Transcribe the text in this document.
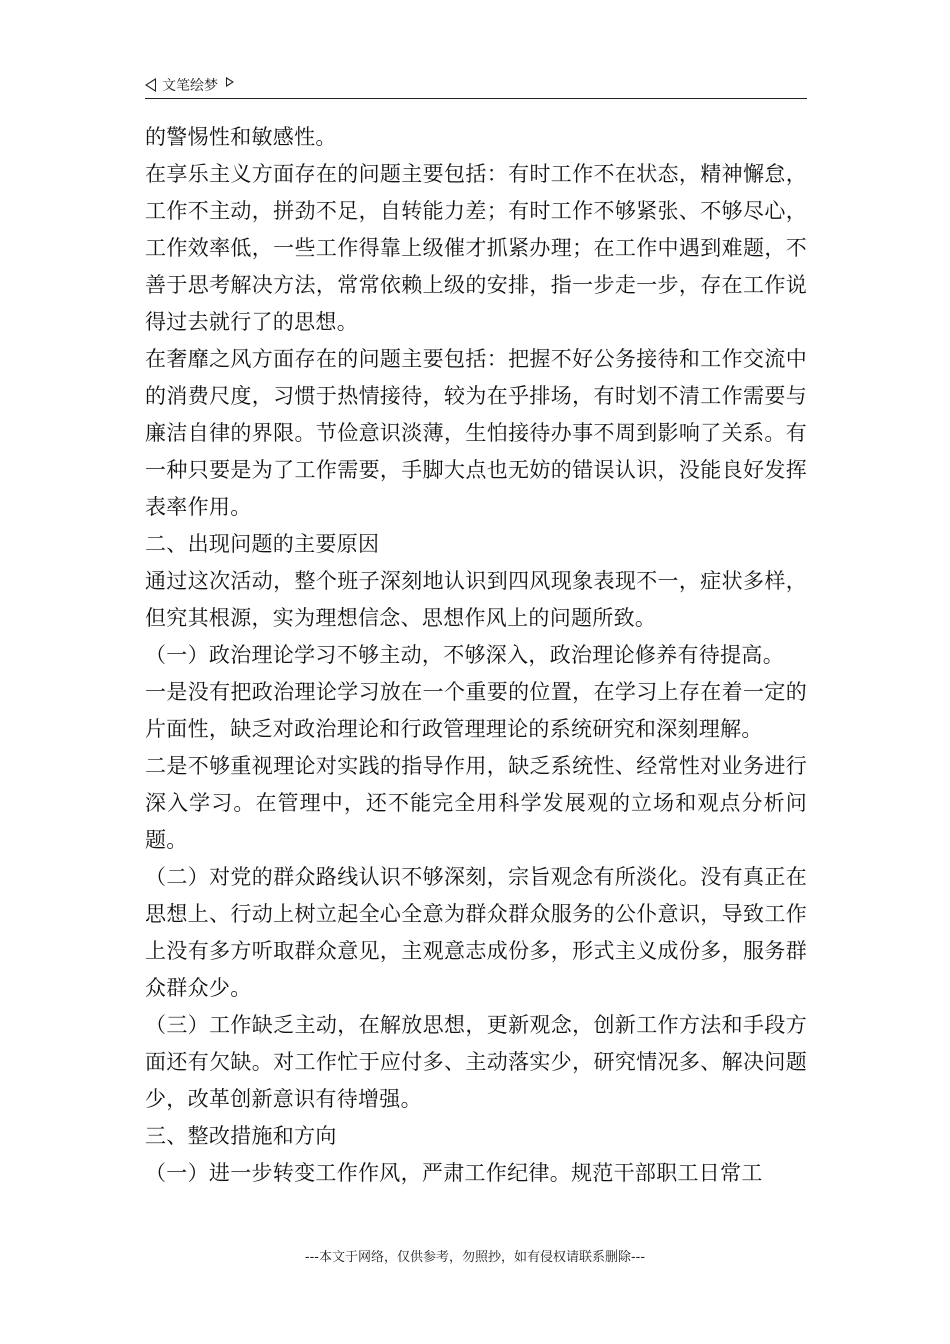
文笔绘梦

的警惕性和敏感性。

在享乐主义方面存在的问题主要包括：有时工作不在状态，精神懈怠，工作不主动，拼劲不足，自转能力差；有时工作不够紧张、不够尽心，工作效率低，一些工作得靠上级催才抓紧办理；在工作中遇到难题，不善于思考解决方法，常常依赖上级的安排，指一步走一步，存在工作说得过去就行了的思想。

在奢靡之风方面存在的问题主要包括：把握不好公务接待和工作交流中的消费尺度，习惯于热情接待，较为在乎排场，有时划不清工作需要与廉洁自律的界限。节俭意识淡薄，生怕接待办事不周到影响了关系。有一种只要是为了工作需要，手脚大点也无妨的错误认识，没能良好发挥表率作用。

二、出现问题的主要原因

通过这次活动，整个班子深刻地认识到四风现象表现不一，症状多样，但究其根源，实为理想信念、思想作风上的问题所致。

（一）政治理论学习不够主动，不够深入，政治理论修养有待提高。

一是没有把政治理论学习放在一个重要的位置，在学习上存在着一定的片面性，缺乏对政治理论和行政管理理论的系统研究和深刻理解。

二是不够重视理论对实践的指导作用，缺乏系统性、经常性对业务进行深入学习。在管理中，还不能完全用科学发展观的立场和观点分析问题。

（二）对党的群众路线认识不够深刻，宗旨观念有所淡化。没有真正在思想上、行动上树立起全心全意为群众群众服务的公仆意识，导致工作上没有多方听取群众意见，主观意志成份多，形式主义成份多，服务群众群众少。

（三）工作缺乏主动，在解放思想，更新观念，创新工作方法和手段方面还有欠缺。对工作忙于应付多、主动落实少，研究情况多、解决问题少，改革创新意识有待增强。

三、整改措施和方向

（一）进一步转变工作作风，严肃工作纪律。规范干部职工日常工

---本文于网络，仅供参考，勿照抄，如有侵权请联系删除---
